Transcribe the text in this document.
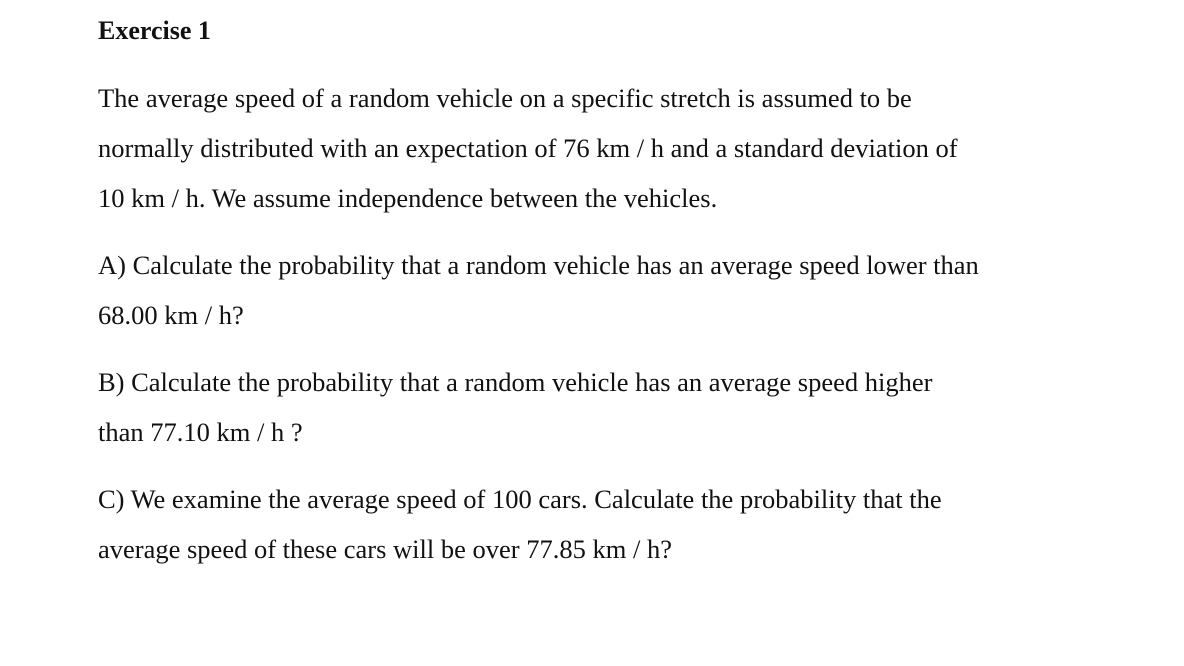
Exercise 1
The average speed of a random vehicle on a specific stretch is assumed to be
normally distributed with an expectation of 76 km / h and a standard deviation of
10 km / h. We assume independence between the vehicles.
A) Calculate the probability that a random vehicle has an average speed lower than
68.00 km / h?
B) Calculate the probability that a random vehicle has an average speed higher
than 77.10 km / h ?
C) We examine the average speed of 100 cars. Calculate the probability that the
average speed of these cars will be over 77.85 km / h?
